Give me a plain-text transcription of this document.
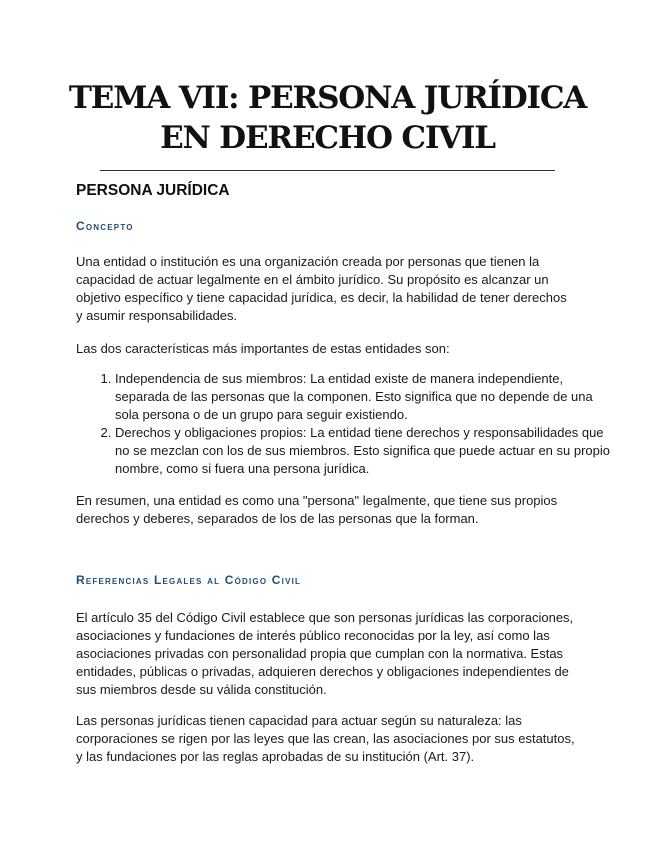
TEMA VII: PERSONA JURÍDICA
EN DERECHO CIVIL
PERSONA JURÍDICA
Concepto

Una entidad o institución es una organización creada por personas que tienen la capacidad de actuar legalmente en el ámbito jurídico. Su propósito es alcanzar un objetivo específico y tiene capacidad jurídica, es decir, la habilidad de tener derechos y asumir responsabilidades.

Las dos características más importantes de estas entidades son:

1. Independencia de sus miembros: La entidad existe de manera independiente, separada de las personas que la componen. Esto significa que no depende de una sola persona o de un grupo para seguir existiendo.
2. Derechos y obligaciones propios: La entidad tiene derechos y responsabilidades que no se mezclan con los de sus miembros. Esto significa que puede actuar en su propio nombre, como si fuera una persona jurídica.

En resumen, una entidad es como una "persona" legalmente, que tiene sus propios derechos y deberes, separados de los de las personas que la forman.

Referencias Legales al Código Civil

El artículo 35 del Código Civil establece que son personas jurídicas las corporaciones, asociaciones y fundaciones de interés público reconocidas por la ley, así como las asociaciones privadas con personalidad propia que cumplan con la normativa. Estas entidades, públicas o privadas, adquieren derechos y obligaciones independientes de sus miembros desde su válida constitución.

Las personas jurídicas tienen capacidad para actuar según su naturaleza: las corporaciones se rigen por las leyes que las crean, las asociaciones por sus estatutos, y las fundaciones por las reglas aprobadas de su institución (Art. 37).
